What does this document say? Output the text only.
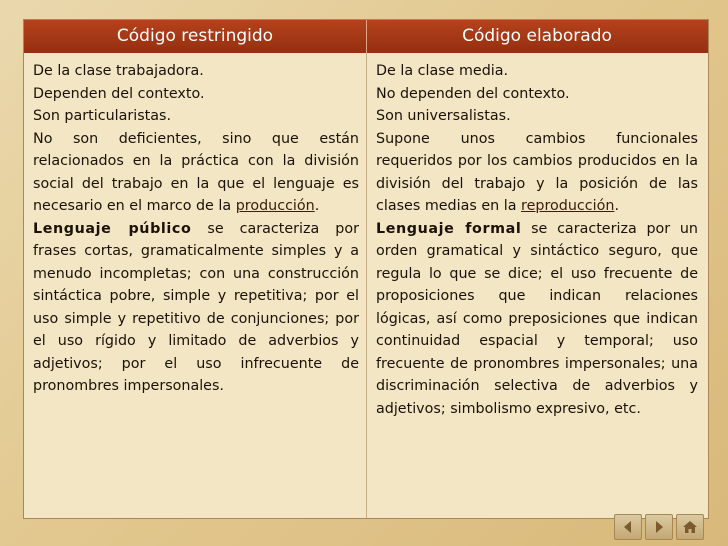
Código restringido	Código elaborado

De la clase trabajadora.

Dependen del contexto.

Son particularistas.

No son deficientes, sino que están relacionados en la práctica con la división social del trabajo en la que el lenguaje es necesario en el marco de la producción.

Lenguaje público se caracteriza por frases cortas, gramaticalmente simples y a menudo incompletas; con una construcción sintáctica pobre, simple y repetitiva; por el uso simple y repetitivo de conjunciones; por el uso rígido y limitado de adverbios y adjetivos; por el uso infrecuente de pronombres impersonales.

De la clase media.

No dependen del contexto.

Son universalistas.

Supone unos cambios funcionales requeridos por los cambios producidos en la división del trabajo y la posición de las clases medias en la reproducción.

Lenguaje formal se caracteriza por un orden gramatical y sintáctico seguro, que regula lo que se dice; el uso frecuente de proposiciones que indican relaciones lógicas, así como preposiciones que indican continuidad espacial y temporal; uso frecuente de pronombres impersonales; una discriminación selectiva de adverbios y adjetivos; simbolismo expresivo, etc.
